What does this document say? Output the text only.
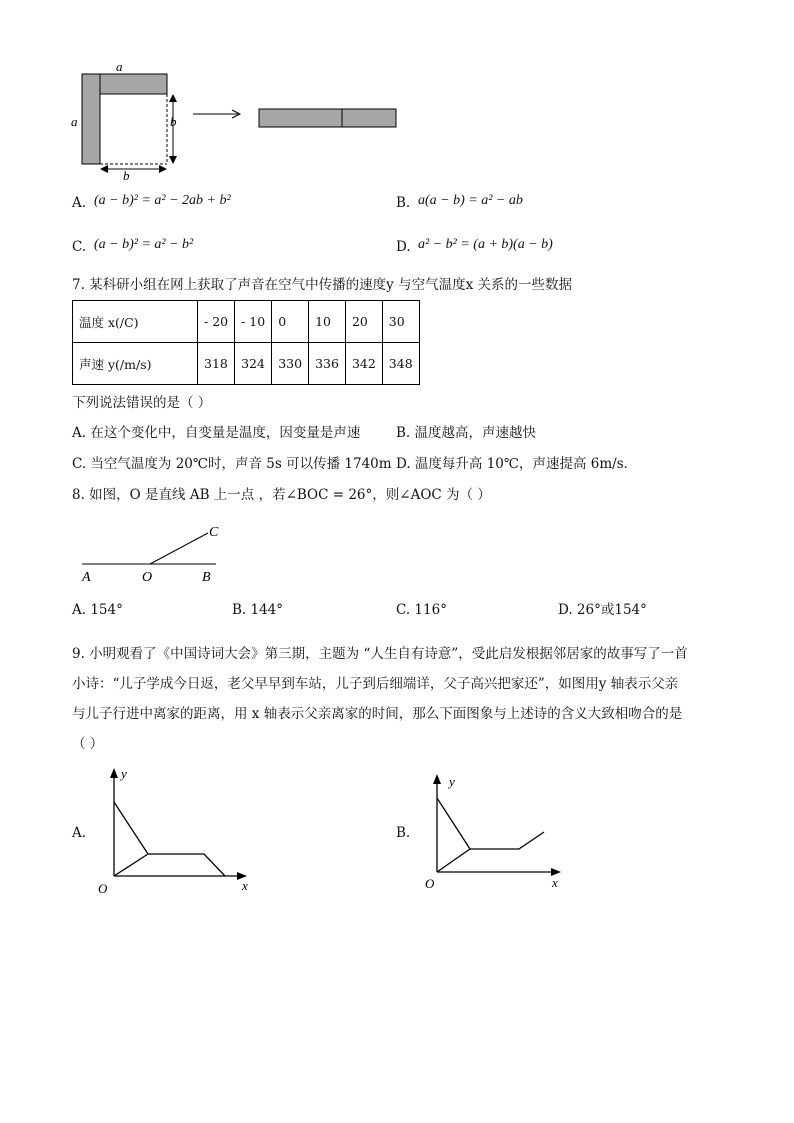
a
a	b
b
A. (a − b)² = a² − 2ab + b²	B. a(a − b) = a² − ab
C. (a − b)² = a² − b²	D. a² − b² = (a + b)(a − b)
7. 某科研小组在网上获取了声音在空气中传播的速度y 与空气温度x 关系的一些数据
温度 x(/C)	- 20	- 10	0	10	20	30
声速 y(/m/s)	318	324	330	336	342	348
下列说法错误的是（ ）
A. 在这个变化中，自变量是温度，因变量是声速	B. 温度越高，声速越快
C. 当空气温度为 20℃时，声音 5s 可以传播 1740m D. 温度每升高 10℃，声速提高 6m/s．
8. 如图，O 是直线 AB 上一点 ，若∠BOC = 26°，则∠AOC 为（ ）
A	O	B
C
A. 154°	B. 144°	C. 116°	D. 26°或154°
9. 小明观看了《中国诗词大会》第三期，主题为 “人生自有诗意”，受此启发根据邻居家的故事写了一首
小诗：“儿子学成今日返，老父早早到车站，儿子到后细端详，父子高兴把家还”，如图用y 轴表示父亲
与儿子行进中离家的距离，用 x 轴表示父亲离家的时间，那么下面图象与上述诗的含义大致相吻合的是
（ ）
A.
y
x
O
B.
y
x
O
